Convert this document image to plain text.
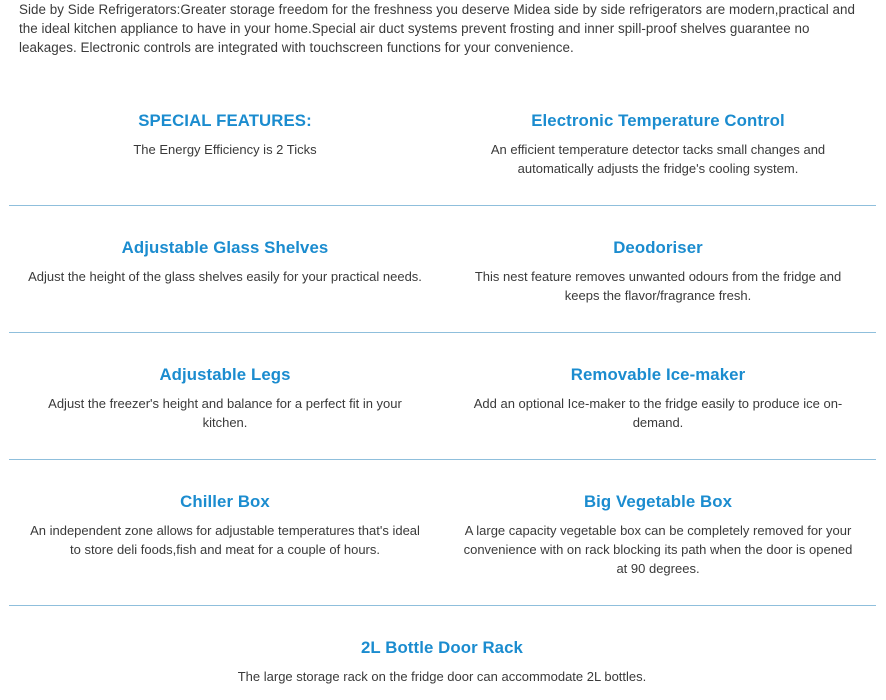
Side by Side Refrigerators:Greater storage freedom for the freshness you deserve Midea side by side refrigerators are modern,practical and the ideal kitchen appliance to have in your home.Special air duct systems prevent frosting and inner spill-proof shelves guarantee no leakages. Electronic controls are integrated with touchscreen functions for your convenience.
SPECIAL FEATURES:

The Energy Efficiency is 2 Ticks

Electronic Temperature Control

An efficient temperature detector tacks small changes and automatically adjusts the fridge's cooling system.

Adjustable Glass Shelves

Adjust the height of the glass shelves easily for your practical needs.

Deodoriser

This nest feature removes unwanted odours from the fridge and keeps the flavor/fragrance fresh.

Adjustable Legs

Adjust the freezer's height and balance for a perfect fit in your kitchen.

Removable Ice-maker

Add an optional Ice-maker to the fridge easily to produce ice on-demand.

Chiller Box

An independent zone allows for adjustable temperatures that's ideal to store deli foods,fish and meat for a couple of hours.

Big Vegetable Box

A large capacity vegetable box can be completely removed for your convenience with on rack blocking its path when the door is opened at 90 degrees.

2L Bottle Door Rack

The large storage rack on the fridge door can accommodate 2L bottles.
